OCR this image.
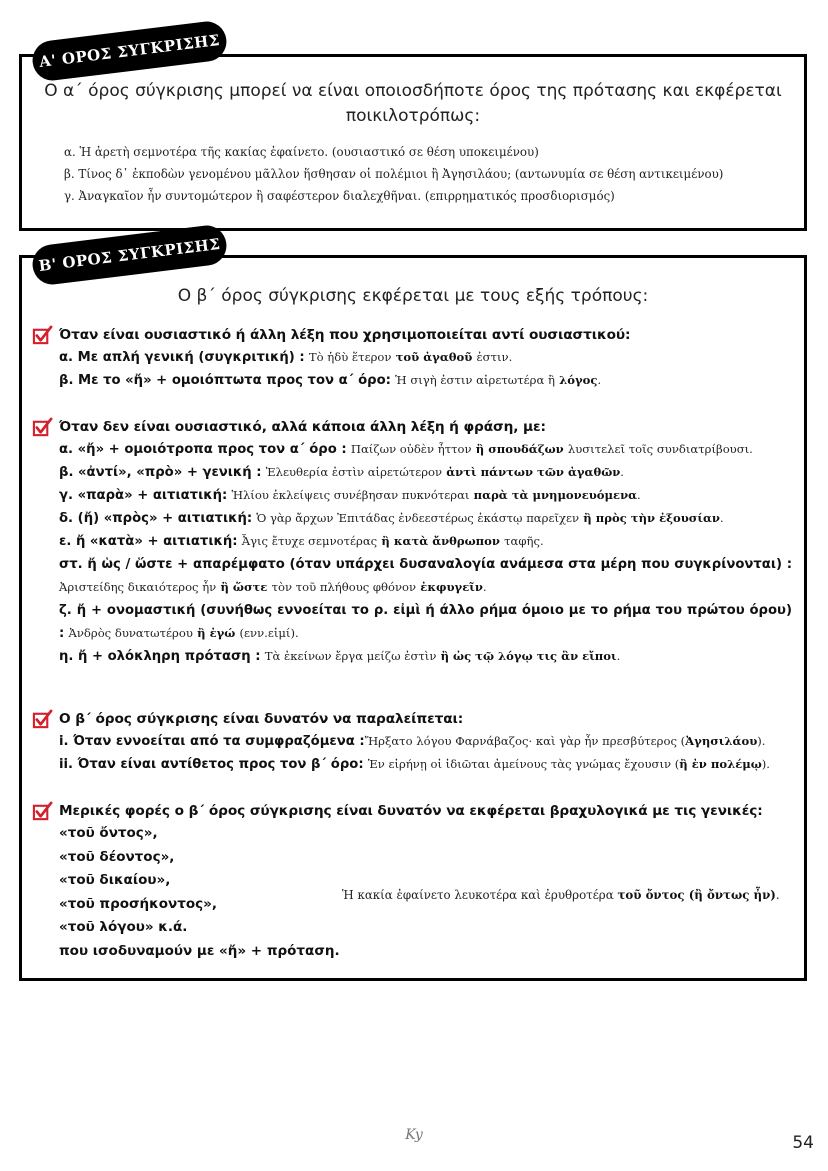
Α' ΟΡΟΣ ΣΥΓΚΡΙΣΗΣ
Ο α΄ όρος σύγκρισης μπορεί να είναι οποιοσδήποτε όρος της πρότασης και εκφέρεται
ποικιλοτρόπως:
α. Ἡ ἀρετὴ σεμνοτέρα τῆς κακίας ἐφαίνετο. (ουσιαστικό σε θέση υποκειμένου)
β. Τίνος δ᾽ ἐκποδὼν γενομένου μᾶλλον ἥσθησαν οἱ πολέμιοι ἢ Ἀγησιλάου; (αντωνυμία σε θέση αντικειμένου)
γ. Ἀναγκαῖον ἦν συντομώτερον ἢ σαφέστερον διαλεχθῆναι. (επιρρηματικός προσδιορισμός)
Β' ΟΡΟΣ ΣΥΓΚΡΙΣΗΣ
Ο β΄ όρος σύγκρισης εκφέρεται με τους εξής τρόπους:
Όταν είναι ουσιαστικό ή άλλη λέξη που χρησιμοποιείται αντί ουσιαστικού:
α. Με απλή γενική (συγκριτική) : Τὸ ἡδὺ ἕτερον τοῦ ἀγαθοῦ ἐστιν.
β. Με το «ἤ» + ομοιόπτωτα προς τον α΄ όρο: Ἡ σιγὴ ἐστιν αἱρετωτέρα ἢ λόγος.
Όταν δεν είναι ουσιαστικό, αλλά κάποια άλλη λέξη ή φράση, με:
α. «ἤ» + ομοιότροπα προς τον α΄ όρο : Παίζων οὐδὲν ἧττον ἢ σπουδάζων λυσιτελεῖ τοῖς συνδιατρίβουσι.
β. «ἀντί», «πρὸ» + γενική : Ἐλευθερία ἐστὶν αἱρετώτερον ἀντὶ πάντων τῶν ἀγαθῶν.
γ. «παρὰ» + αιτιατική: Ἡλίου ἐκλείψεις συνέβησαν πυκνότεραι παρὰ τὰ μνημονευόμενα.
δ. (ἤ) «πρὸς» + αιτιατική: Ὁ γὰρ ἄρχων Ἐπιτάδας ἐνδεεστέρως ἑκάστῳ παρεῖχεν ἢ πρὸς τὴν ἐξουσίαν.
ε. ἤ «κατὰ» + αιτιατική: Ἆγις ἔτυχε σεμνοτέρας ἢ κατὰ ἄνθρωπον ταφῆς.
στ. ἤ ὡς / ὥστε + απαρέμφατο (όταν υπάρχει δυσαναλογία ανάμεσα στα μέρη που συγκρίνονται) : Ἀριστείδης δικαιότερος ἦν ἢ ὥστε τὸν τοῦ πλήθους φθόνον ἐκφυγεῖν.
ζ. ἤ + ονομαστική (συνήθως εννοείται το ρ. εἰμὶ ή άλλο ρήμα όμοιο με το ρήμα του πρώτου όρου) : Ἀνδρὸς δυνατωτέρου ἢ ἐγώ (ενν.εἰμί).
η. ἤ + ολόκληρη πρόταση : Τὰ ἐκείνων ἔργα μείζω ἐστὶν ἢ ὡς τῷ λόγῳ τις ἂν εἴποι.
Ο β΄ όρος σύγκρισης είναι δυνατόν να παραλείπεται:
i. Όταν εννοείται από τα συμφραζόμενα :Ἤρξατο λόγου Φαρνάβαζος· καὶ γὰρ ἦν πρεσβύτερος (Ἀγησιλάου).
ii. Όταν είναι αντίθετος προς τον β΄ όρο: Ἐν εἰρήνῃ οἱ ἰδιῶται ἀμείνους τὰς γνώμας ἔχουσιν (ἢ ἐν πολέμῳ).
Μερικές φορές ο β΄ όρος σύγκρισης είναι δυνατόν να εκφέρεται βραχυλογικά με τις γενικές:
«τοῦ ὄντος»,
«τοῦ δέοντος»,
«τοῦ δικαίου»,
«τοῦ προσήκοντος»,
«τοῦ λόγου» κ.ά.
που ισοδυναμούν με «ἤ» + πρόταση.
Ἡ κακία ἐφαίνετο λευκοτέρα καὶ ἐρυθροτέρα τοῦ ὄντος (ἢ ὄντως ἦν).
Ky	54
